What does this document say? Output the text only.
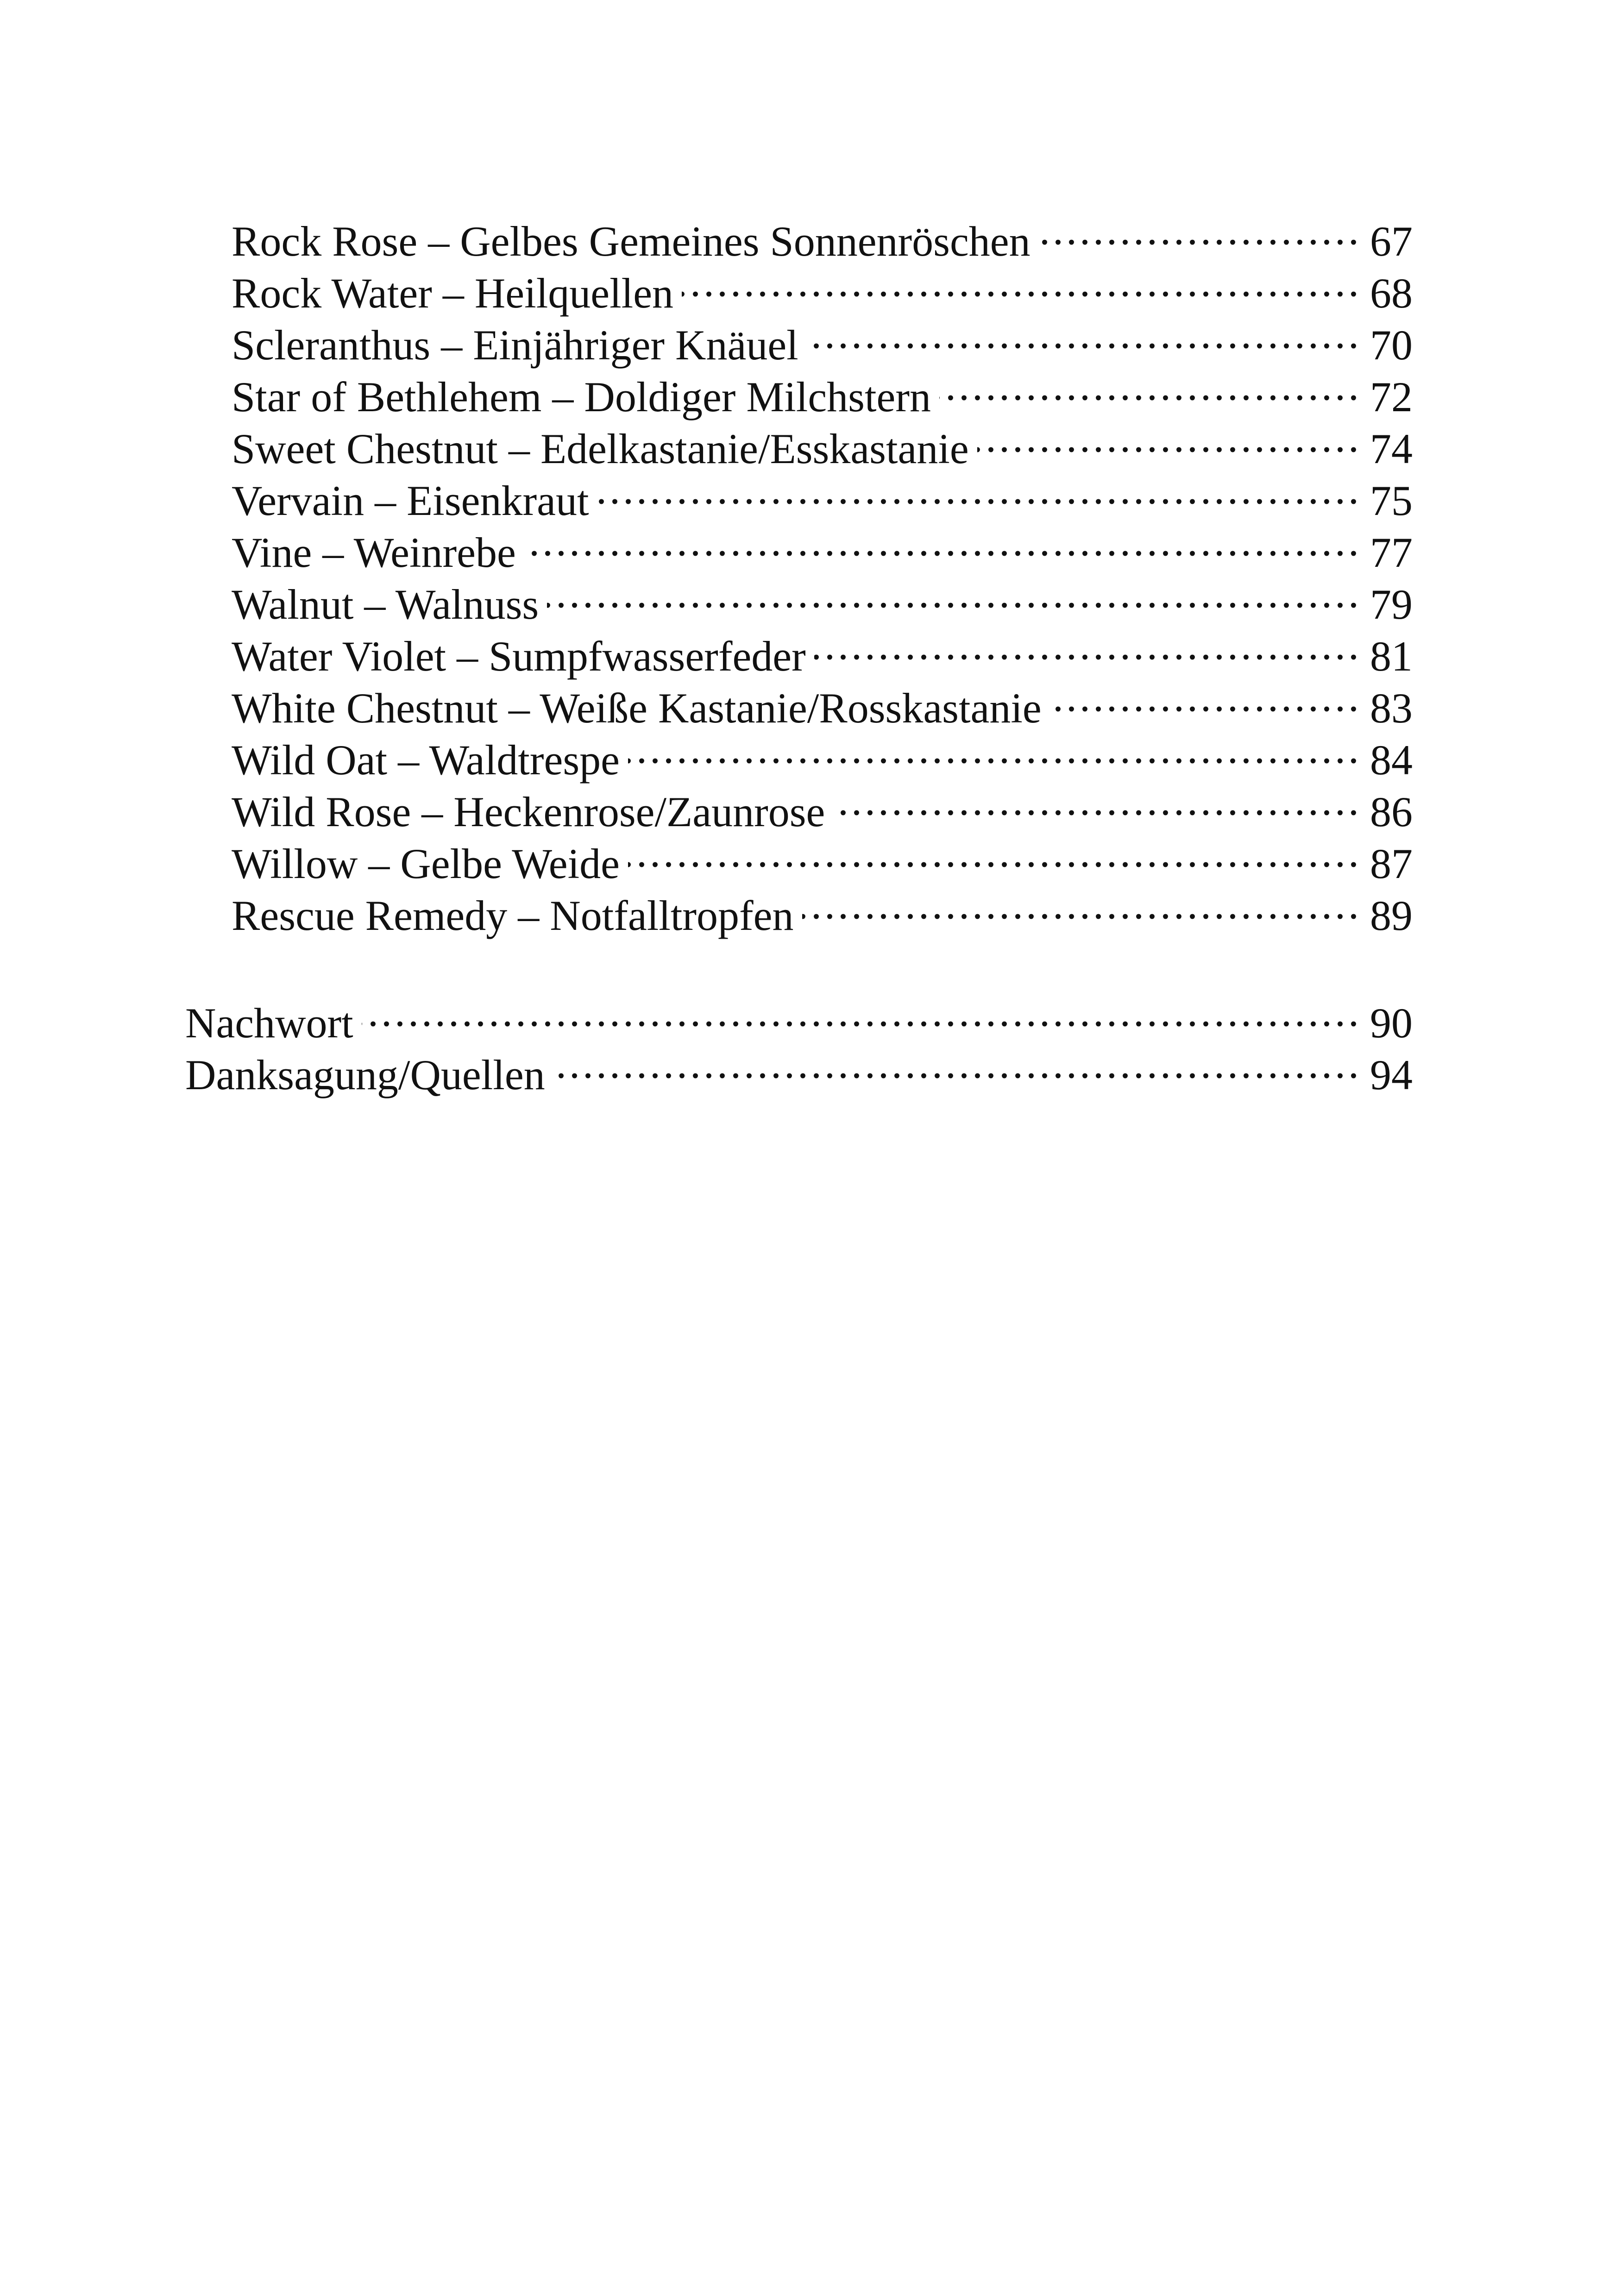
Rock Rose – Gelbes Gemeines Sonnenröschen .....	67
Rock Water – Heilquellen .....	68
Scleranthus – Einjähriger Knäuel .....	70
Star of Bethlehem – Doldiger Milchstern .....	72
Sweet Chestnut – Edelkastanie/Esskastanie .....	74
Vervain – Eisenkraut .....	75
Vine – Weinrebe .....	77
Walnut – Walnuss .....	79
Water Violet – Sumpfwasserfeder .....	81
White Chestnut – Weiße Kastanie/Rosskastanie .....	83
Wild Oat – Waldtrespe .....	84
Wild Rose – Heckenrose/Zaunrose .....	86
Willow – Gelbe Weide .....	87
Rescue Remedy – Notfalltropfen .....	89
Nachwort .....	90
Danksagung/Quellen .....	94
